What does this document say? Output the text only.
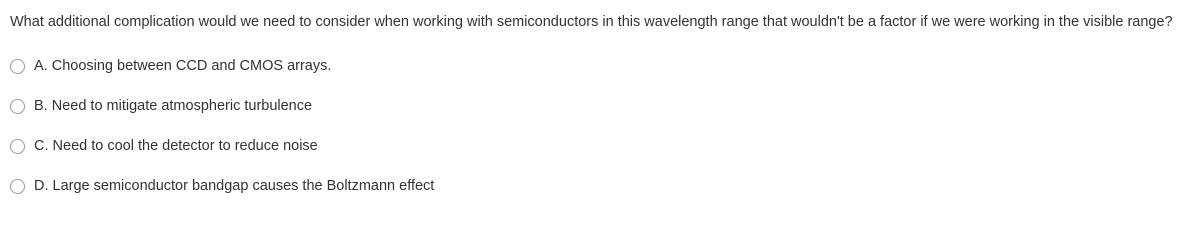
What additional complication would we need to consider when working with semiconductors in this wavelength range that wouldn't be a factor if we were working in the visible range?
A. Choosing between CCD and CMOS arrays.
B. Need to mitigate atmospheric turbulence
C. Need to cool the detector to reduce noise
D. Large semiconductor bandgap causes the Boltzmann effect
